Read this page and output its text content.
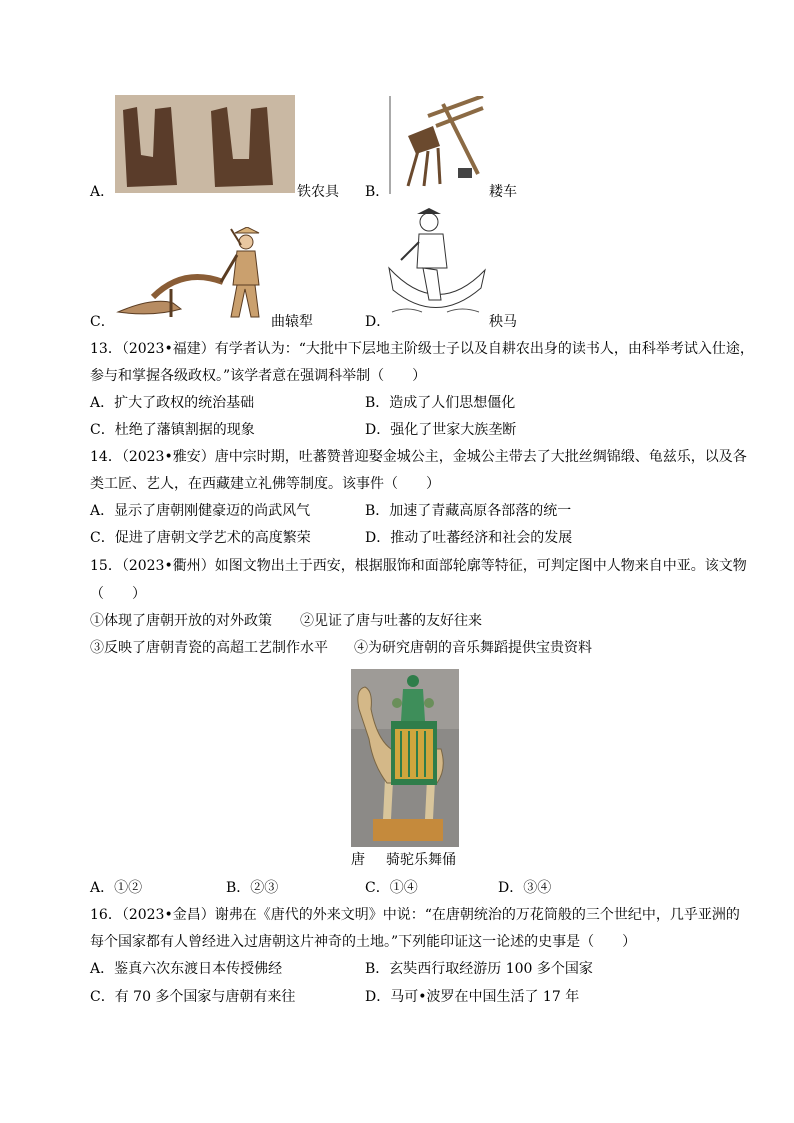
A．	铁农具 B．	耧车
C．	曲辕犁	D．	秧马
13．（2023•福建）有学者认为：“大批中下层地主阶级士子以及自耕农出身的读书人，由科举考试入仕途，
参与和掌握各级政权。”该学者意在强调科举制（　　）
A．扩大了政权的统治基础	B．造成了人们思想僵化
C．杜绝了藩镇割据的现象	D．强化了世家大族垄断
14．（2023•雅安）唐中宗时期，吐蕃赞普迎娶金城公主，金城公主带去了大批丝绸锦缎、龟兹乐，以及各
类工匠、艺人，在西藏建立礼佛等制度。该事件（　　）
A．显示了唐朝刚健豪迈的尚武风气	B．加速了青藏高原各部落的统一
C．促进了唐朝文学艺术的高度繁荣	D．推动了吐蕃经济和社会的发展
15．（2023•衢州）如图文物出土于西安，根据服饰和面部轮廓等特征，可判定图中人物来自中亚。该文物
（　　）
①体现了唐朝开放的对外政策 ②见证了唐与吐蕃的友好往来
③反映了唐朝青瓷的高超工艺制作水平 ④为研究唐朝的音乐舞蹈提供宝贵资料
唐 骑驼乐舞俑
A．①②	B．②③	C．①④	D．③④
16．（2023•金昌）谢弗在《唐代的外来文明》中说：“在唐朝统治的万花筒般的三个世纪中，几乎亚洲的
每个国家都有人曾经进入过唐朝这片神奇的土地。”下列能印证这一论述的史事是（　　）
A．鉴真六次东渡日本传授佛经	B．玄奘西行取经游历 100 多个国家
C．有 70 多个国家与唐朝有来往	D．马可•波罗在中国生活了 17 年
